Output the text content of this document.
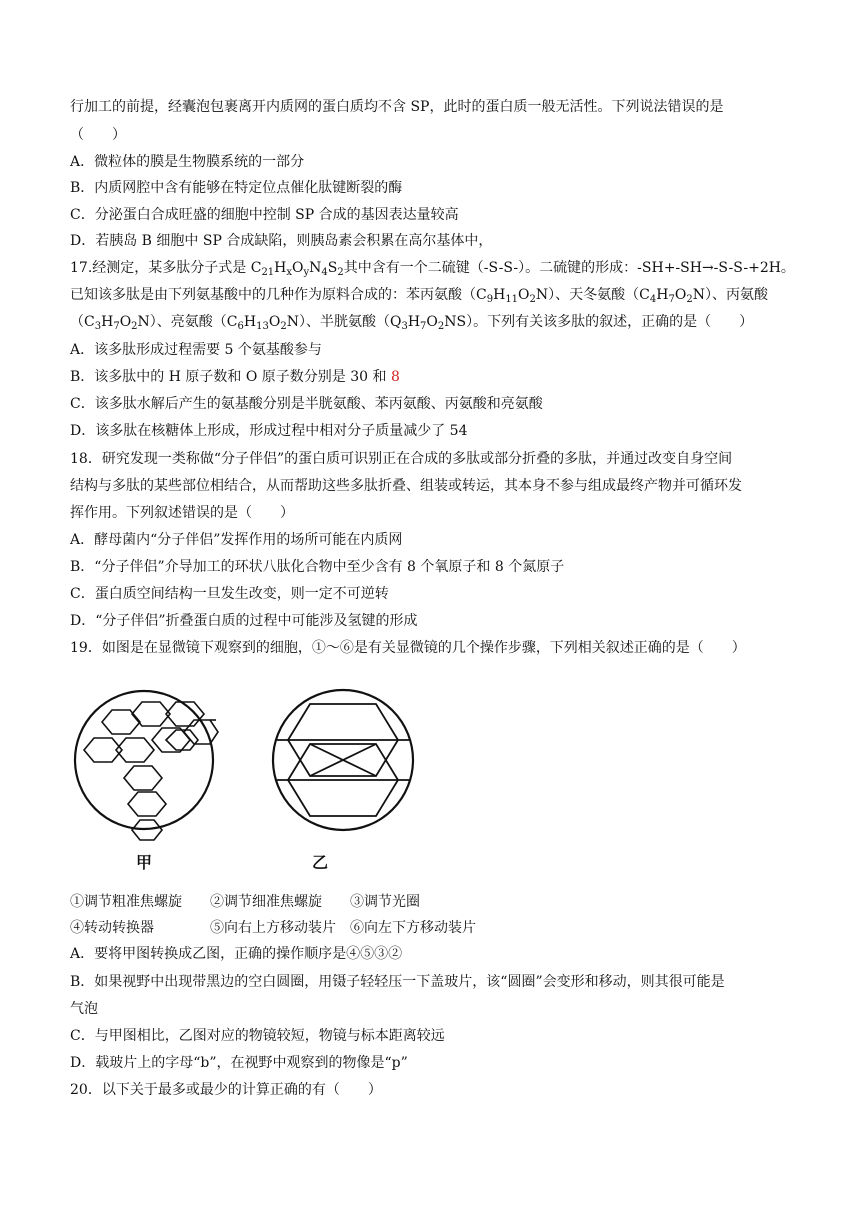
行加工的前提，经囊泡包裹离开内质网的蛋白质均不含 SP，此时的蛋白质一般无活性。下列说法错误的是
（　　）
A．微粒体的膜是生物膜系统的一部分
B．内质网腔中含有能够在特定位点催化肽键断裂的酶
C．分泌蛋白合成旺盛的细胞中控制 SP 合成的基因表达量较高
D．若胰岛 B 细胞中 SP 合成缺陷，则胰岛素会积累在高尔基体中，
17.经测定，某多肽分子式是 $C_{21}H_xO_yN_4S_2$其中含有一个二硫键（-S-S-）。二硫键的形成：-SH+-SH→-S-S-+2H。
已知该多肽是由下列氨基酸中的几种作为原料合成的：苯丙氨酸$(C_9H_{11}O_2N)$、天冬氨酸$(C_4H_7O_2N)$、丙氨酸
$(C_3H_7O_2N)$、亮氨酸$(C_6H_{13}O_2N)$、半胱氨酸$(Q_3H_7O_2NS)$。下列有关该多肽的叙述，正确的是（　　）
A．该多肽形成过程需要 5 个氨基酸参与
B．该多肽中的 H 原子数和 O 原子数分别是 30 和 8
C．该多肽水解后产生的氨基酸分别是半胱氨酸、苯丙氨酸、丙氨酸和亮氨酸
D．该多肽在核糖体上形成，形成过程中相对分子质量减少了 54
18．研究发现一类称做“分子伴侣”的蛋白质可识别正在合成的多肽或部分折叠的多肽，并通过改变自身空间
结构与多肽的某些部位相结合，从而帮助这些多肽折叠、组装或转运，其本身不参与组成最终产物并可循环发
挥作用。下列叙述错误的是（　　）
A．酵母菌内“分子伴侣”发挥作用的场所可能在内质网
B．“分子伴侣”介导加工的环状八肽化合物中至少含有 8 个氧原子和 8 个氮原子
C．蛋白质空间结构一旦发生改变，则一定不可逆转
D．“分子伴侣”折叠蛋白质的过程中可能涉及氢键的形成
19．如图是在显微镜下观察到的细胞，①～⑥是有关显微镜的几个操作步骤，下列相关叙述正确的是（　　）
甲	乙
①调节粗准焦螺旋　　②调节细准焦螺旋　　③调节光圈
④转动转换器　　　　⑤向右上方移动装片　⑥向左下方移动装片
A．要将甲图转换成乙图，正确的操作顺序是④⑤③②
B．如果视野中出现带黑边的空白圆圈，用镊子轻轻压一下盖玻片，该“圆圈”会变形和移动，则其很可能是
气泡
C．与甲图相比，乙图对应的物镜较短，物镜与标本距离较远
D．载玻片上的字母“b”，在视野中观察到的物像是“p”
20．以下关于最多或最少的计算正确的有（　　）
